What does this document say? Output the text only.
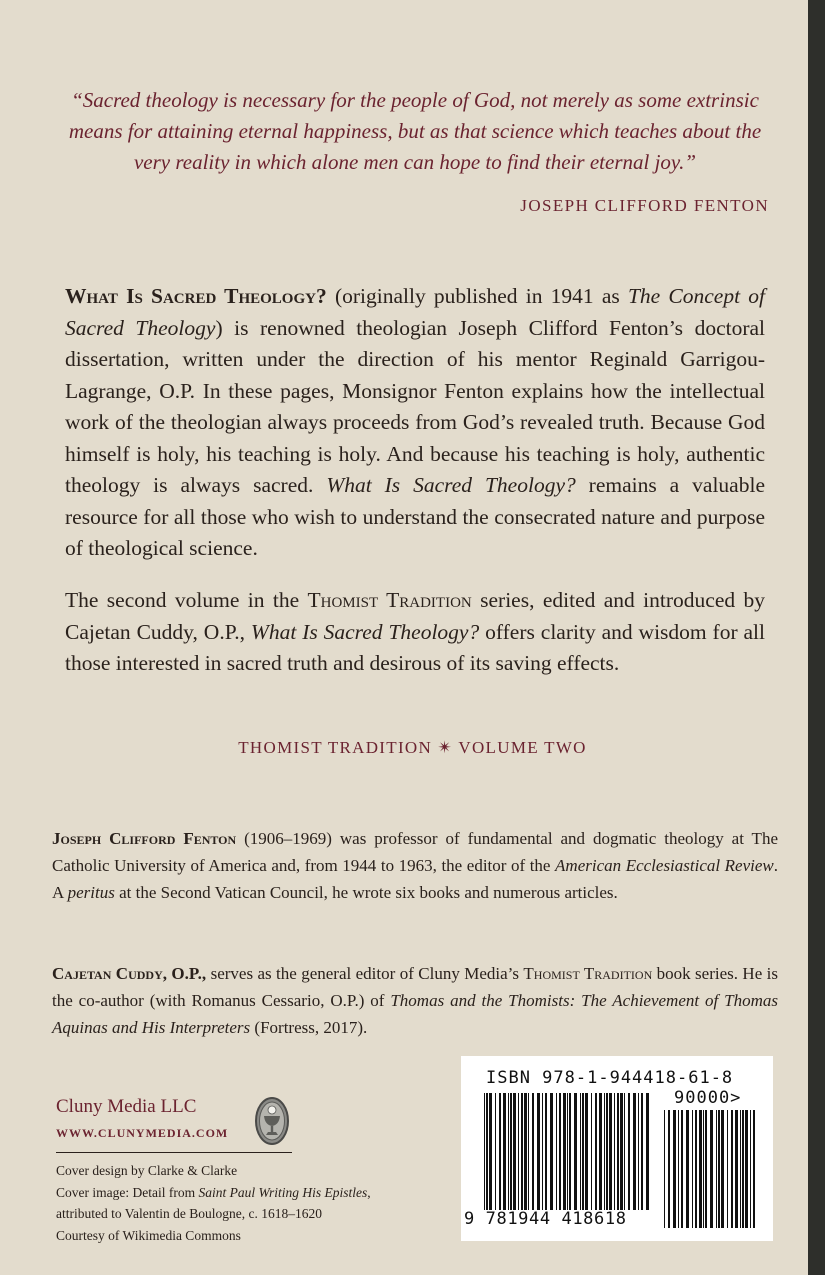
“Sacred theology is necessary for the people of God, not merely as some extrinsic means for attaining eternal happiness, but as that science which teaches about the very reality in which alone men can hope to find their eternal joy.”
JOSEPH CLIFFORD FENTON
What Is Sacred Theology? (originally published in 1941 as The Concept of Sacred Theology) is renowned theologian Joseph Clifford Fenton’s doctoral dissertation, written under the direction of his mentor Reginald Garrigou-Lagrange, O.P. In these pages, Monsignor Fenton explains how the intellectual work of the theologian always proceeds from God’s revealed truth. Because God himself is holy, his teaching is holy. And because his teaching is holy, authentic theology is always sacred. What Is Sacred Theology? remains a valuable resource for all those who wish to understand the consecrated nature and purpose of theological science.
The second volume in the Thomist Tradition series, edited and introduced by Cajetan Cuddy, O.P., What Is Sacred Theology? offers clarity and wisdom for all those interested in sacred truth and desirous of its saving effects.
THOMIST TRADITION ✴ VOLUME TWO
Joseph Clifford Fenton (1906–1969) was professor of fundamental and dogmatic theology at The Catholic University of America and, from 1944 to 1963, the editor of the American Ecclesiastical Review. A peritus at the Second Vatican Council, he wrote six books and numerous articles.
Cajetan Cuddy, O.P., serves as the general editor of Cluny Media’s Thomist Tradition book series. He is the co-author (with Romanus Cessario, O.P.) of Thomas and the Thomists: The Achievement of Thomas Aquinas and His Interpreters (Fortress, 2017).
Cluny Media LLC
WWW.CLUNYMEDIA.COM
Cover design by Clarke & Clarke
Cover image: Detail from Saint Paul Writing His Epistles,
attributed to Valentin de Boulogne, c. 1618–1620
Courtesy of Wikimedia Commons
ISBN 978-1-944418-61-8
90000>
9 781944 418618
